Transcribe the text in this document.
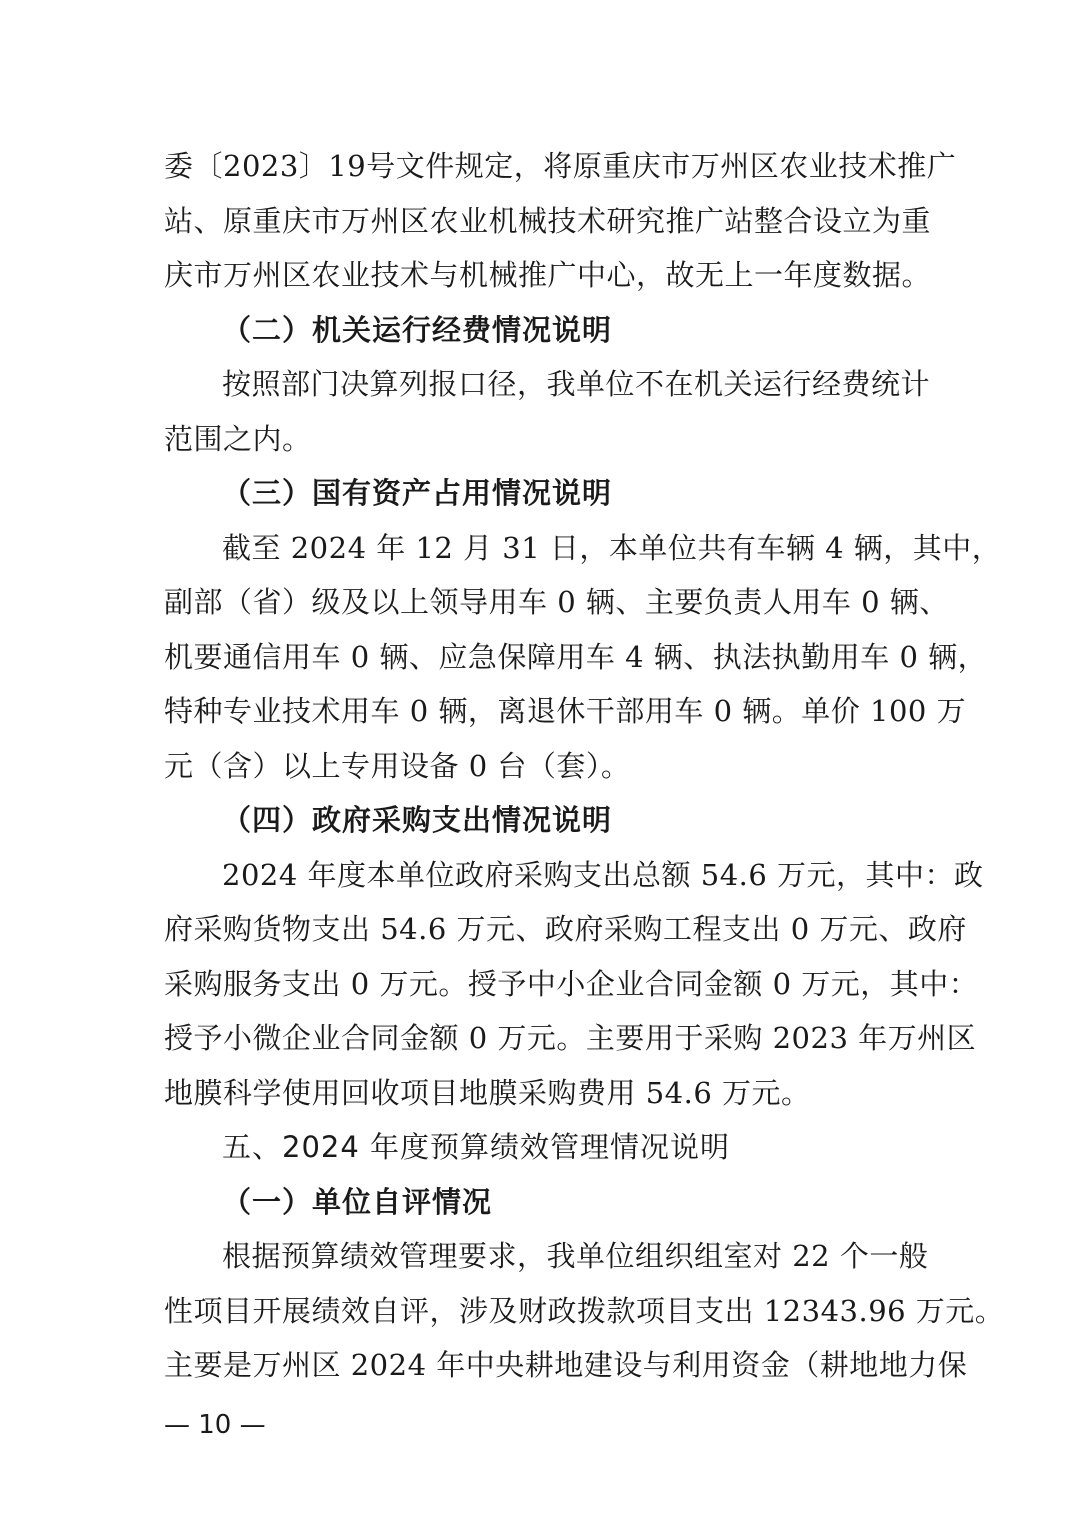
委〔2023〕19号文件规定，将原重庆市万州区农业技术推广
站、原重庆市万州区农业机械技术研究推广站整合设立为重
庆市万州区农业技术与机械推广中心，故无上一年度数据。
（二）机关运行经费情况说明
按照部门决算列报口径，我单位不在机关运行经费统计
范围之内。
（三）国有资产占用情况说明
截至 2024 年 12 月 31 日，本单位共有车辆 4 辆，其中，
副部（省）级及以上领导用车 0 辆、主要负责人用车 0 辆、
机要通信用车 0 辆、应急保障用车 4 辆、执法执勤用车 0 辆，
特种专业技术用车 0 辆，离退休干部用车 0 辆。单价 100 万
元（含）以上专用设备 0 台（套）。
（四）政府采购支出情况说明
2024 年度本单位政府采购支出总额 54.6 万元，其中：政
府采购货物支出 54.6 万元、政府采购工程支出 0 万元、政府
采购服务支出 0 万元。授予中小企业合同金额 0 万元，其中：
授予小微企业合同金额 0 万元。主要用于采购 2023 年万州区
地膜科学使用回收项目地膜采购费用 54.6 万元。
五、2024 年度预算绩效管理情况说明
（一）单位自评情况
根据预算绩效管理要求，我单位组织组室对 22 个一般
性项目开展绩效自评，涉及财政拨款项目支出 12343.96 万元。
主要是万州区 2024 年中央耕地建设与利用资金（耕地地力保
— 10 —
